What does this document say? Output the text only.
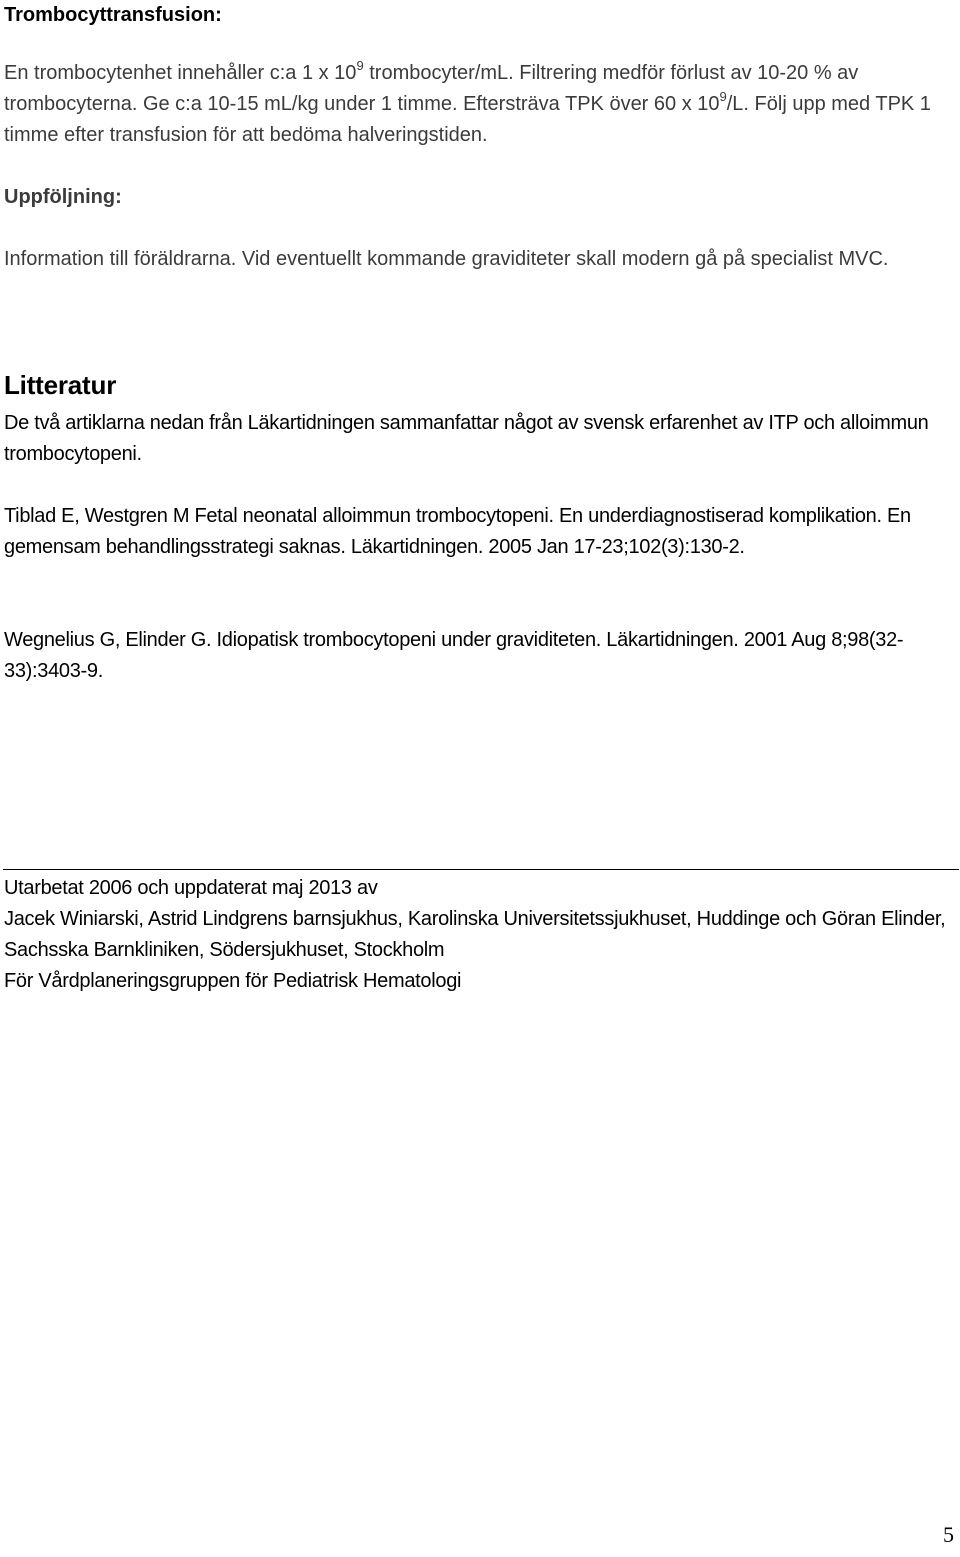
Trombocyttransfusion:

En trombocytenhet innehåller c:a 1 x $10^9$ trombocyter/mL. Filtrering medför förlust av 10-20 % av trombocyterna. Ge c:a 10-15 mL/kg under 1 timme. Eftersträva TPK över 60 x $10^9/L$. Följ upp med TPK 1 timme efter transfusion för att bedöma halveringstiden.

Uppföljning:

Information till föräldrarna. Vid eventuellt kommande graviditeter skall modern gå på specialist MVC.

Litteratur

De två artiklarna nedan från Läkartidningen sammanfattar något av svensk erfarenhet av ITP och alloimmun trombocytopeni.

Tiblad E, Westgren M Fetal neonatal alloimmun trombocytopeni. En underdiagnostiserad komplikation. En gemensam behandlingsstrategi saknas. Läkartidningen. 2005 Jan 17-23;102(3):130-2.

Wegnelius G, Elinder G. Idiopatisk trombocytopeni under graviditeten. Läkartidningen. 2001 Aug 8;98(32-33):3403-9.

Utarbetat 2006 och uppdaterat maj 2013 av
Jacek Winiarski, Astrid Lindgrens barnsjukhus, Karolinska Universitetssjukhuset, Huddinge och Göran Elinder, Sachsska Barnkliniken, Södersjukhuset, Stockholm
För Vårdplaneringsgruppen för Pediatrisk Hematologi
5
